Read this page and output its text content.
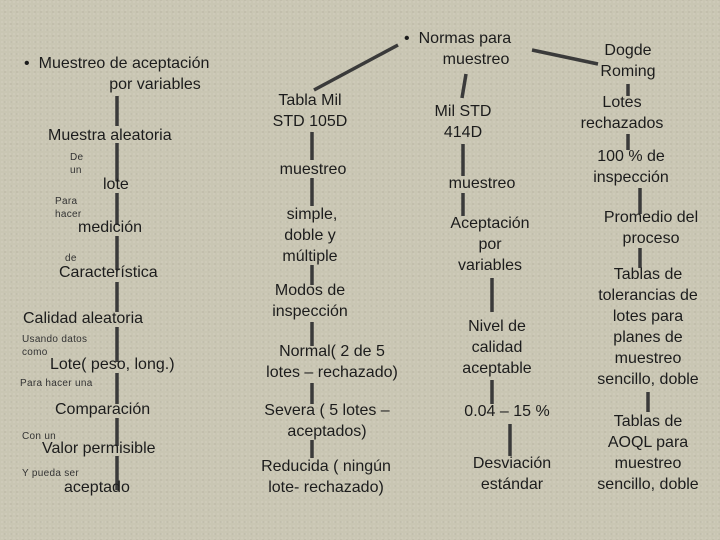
• Muestreo de aceptación
por variables
Muestra aleatoria
De
un
lote
Para
hacer
medición
de
Característica
Calidad aleatoria
Usando datos
como
Lote( peso, long.)
Para hacer una
Comparación
Con un
Valor permisible
Y pueda ser
aceptado
• Normas para
muestreo
Tabla Mil
STD 105D
muestreo
simple,
doble y
múltiple
Modos de
inspección
Normal( 2 de 5
lotes – rechazado)
Severa ( 5 lotes –
aceptados)
Reducida ( ningún
lote- rechazado)
Mil STD
414D
muestreo
Aceptación
por
variables
Nivel de
calidad
aceptable
0.04 – 15 %
Desviación
estándar
Dogde
Roming
Lotes
rechazados
100 % de
inspección
Promedio del
proceso
Tablas de
tolerancias de
lotes para
planes de
muestreo
sencillo, doble
Tablas de
AOQL para
muestreo
sencillo, doble
